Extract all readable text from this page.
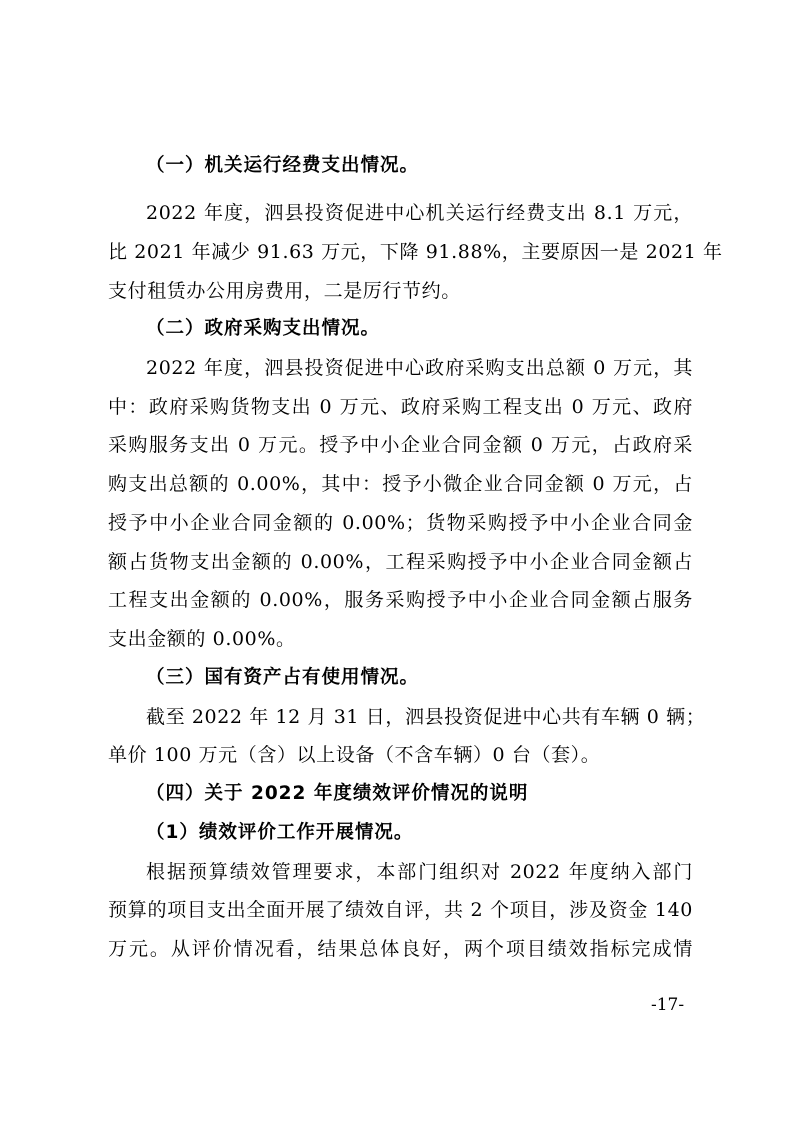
（一）机关运行经费支出情况。
2022 年度，泗县投资促进中心机关运行经费支出 8.1 万元，
比 2021 年减少 91.63 万元，下降 91.88%，主要原因一是 2021 年
支付租赁办公用房费用，二是厉行节约。
（二）政府采购支出情况。
2022 年度，泗县投资促进中心政府采购支出总额 0 万元，其
中：政府采购货物支出 0 万元、政府采购工程支出 0 万元、政府
采购服务支出 0 万元。授予中小企业合同金额 0 万元，占政府采
购支出总额的 0.00%，其中：授予小微企业合同金额 0 万元，占
授予中小企业合同金额的 0.00%；货物采购授予中小企业合同金
额占货物支出金额的 0.00%，工程采购授予中小企业合同金额占
工程支出金额的 0.00%，服务采购授予中小企业合同金额占服务
支出金额的 0.00%。
（三）国有资产占有使用情况。
截至 2022 年 12 月 31 日，泗县投资促进中心共有车辆 0 辆；
单价 100 万元（含）以上设备（不含车辆）0 台（套）。
（四）关于 2022 年度绩效评价情况的说明
（1）绩效评价工作开展情况。
根据预算绩效管理要求，本部门组织对 2022 年度纳入部门
预算的项目支出全面开展了绩效自评，共 2 个项目，涉及资金 140
万元。从评价情况看，结果总体良好，两个项目绩效指标完成情
-17-
